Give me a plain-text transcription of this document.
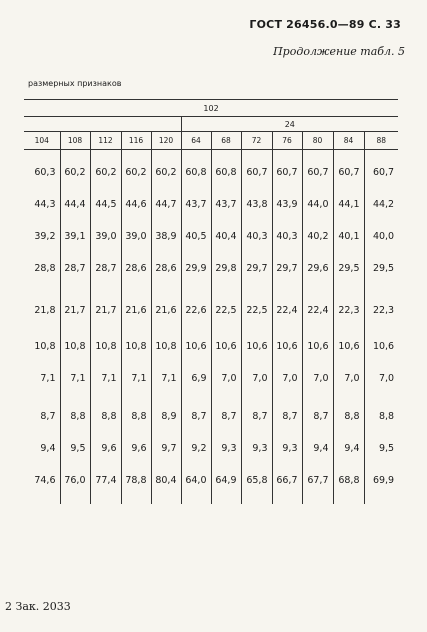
ГОСТ 26456.0—89 С. 33
Продолжение табл. 5
размерных признаков
102											
					24						
104	108	112	116	120	64	68	72	76	80	84	88

60,3	60,2	60,2	60,2	60,2	60,8	60,8	60,7	60,7	60,7	60,7	60,7

44,3	44,4	44,5	44,6	44,7	43,7	43,7	43,8	43,9	44,0	44,1	44,2

39,2	39,1	39,0	39,0	38,9	40,5	40,4	40,3	40,3	40,2	40,1	40,0

28,8	28,7	28,7	28,6	28,6	29,9	29,8	29,7	29,7	29,6	29,5	29,5

21,8	21,7	21,7	21,6	21,6	22,6	22,5	22,5	22,4	22,4	22,3	22,3

10,8	10,8	10,8	10,8	10,8	10,6	10,6	10,6	10,6	10,6	10,6	10,6

7,1	7,1	7,1	7,1	7,1	6,9	7,0	7,0	7,0	7,0	7,0	7,0

8,7	8,8	8,8	8,8	8,9	8,7	8,7	8,7	8,7	8,7	8,8	8,8

9,4	9,5	9,6	9,6	9,7	9,2	9,3	9,3	9,3	9,4	9,4	9,5

74,6	76,0	77,4	78,8	80,4	64,0	64,9	65,8	66,7	67,7	68,8	69,9

2 Зак. 2033
